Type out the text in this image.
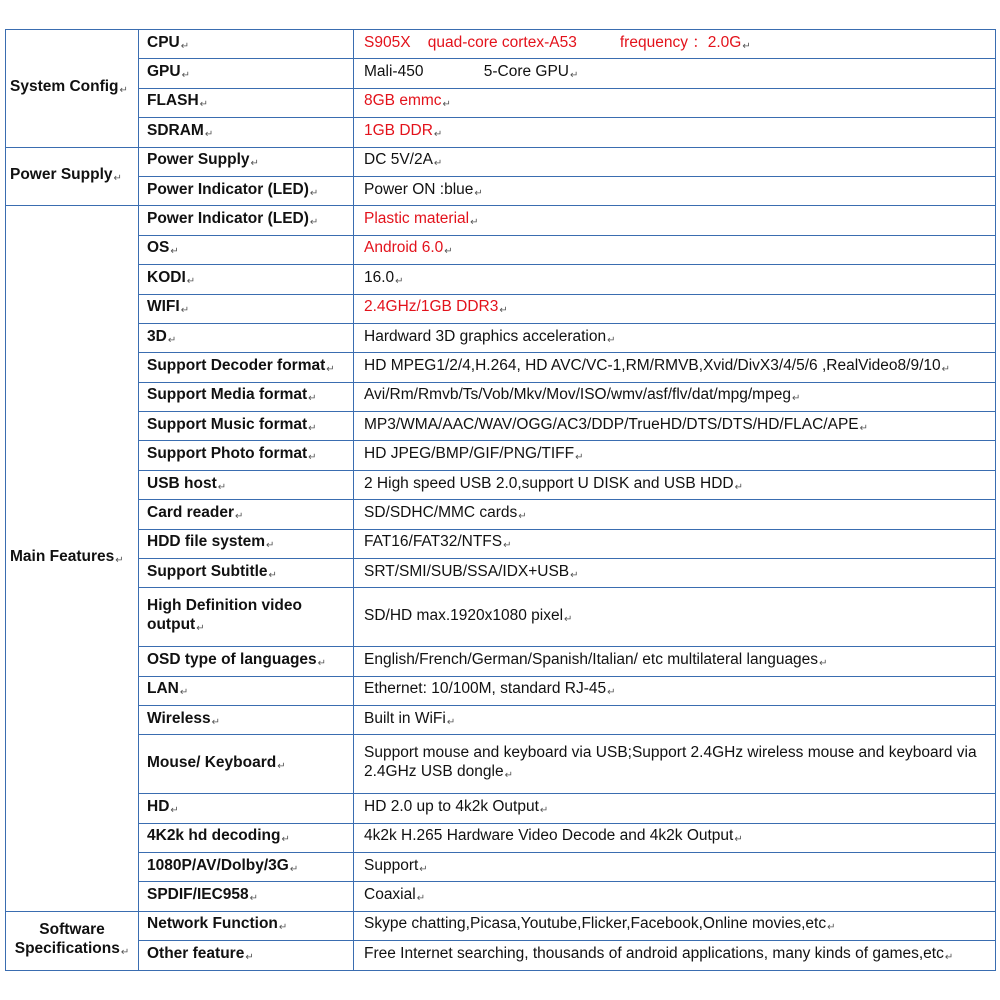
System Config↵	CPU↵	S905X    quad-core cortex-A53          frequency ：2.0G↵
	GPU↵	Mali-450              5-Core GPU↵
	FLASH↵	8GB emmc↵
	SDRAM↵	1GB DDR↵
Power Supply↵	Power Supply↵	DC 5V/2A↵
	Power Indicator (LED)↵	Power ON :blue↵
Main Features↵	Power Indicator (LED)↵	Plastic material↵
	OS↵	Android 6.0↵
	KODI↵	16.0↵
	WIFI↵	2.4GHz/1GB DDR3↵
	3D↵	Hardward 3D graphics acceleration↵
	Support Decoder format↵	HD MPEG1/2/4,H.264, HD AVC/VC-1,RM/RMVB,Xvid/DivX3/4/5/6 ,RealVideo8/9/10↵
	Support Media format↵	Avi/Rm/Rmvb/Ts/Vob/Mkv/Mov/ISO/wmv/asf/flv/dat/mpg/mpeg↵
	Support Music format↵	MP3/WMA/AAC/WAV/OGG/AC3/DDP/TrueHD/DTS/DTS/HD/FLAC/APE↵
	Support Photo format↵	HD JPEG/BMP/GIF/PNG/TIFF↵
	USB host↵	2 High speed USB 2.0,support U DISK and USB HDD↵
	Card reader↵	SD/SDHC/MMC cards↵
	HDD file system↵	FAT16/FAT32/NTFS↵
	Support Subtitle↵	SRT/SMI/SUB/SSA/IDX+USB↵
	High Definition video output↵	SD/HD max.1920x1080 pixel↵
	OSD type of languages↵	English/French/German/Spanish/Italian/ etc multilateral languages↵
	LAN↵	Ethernet: 10/100M, standard RJ-45↵
	Wireless↵	Built in WiFi↵
	Mouse/ Keyboard↵	Support mouse and keyboard via USB;Support 2.4GHz wireless mouse and keyboard via 2.4GHz USB dongle↵
	HD↵	HD 2.0 up to 4k2k Output↵
	4K2k hd decoding↵	4k2k H.265 Hardware Video Decode and 4k2k Output↵
	1080P/AV/Dolby/3G↵	Support↵
	SPDIF/IEC958↵	Coaxial↵
Software Specifications↵	Network Function↵	Skype chatting,Picasa,Youtube,Flicker,Facebook,Online movies,etc↵
	Other feature↵	Free Internet searching, thousands of android applications, many kinds of games,etc↵
